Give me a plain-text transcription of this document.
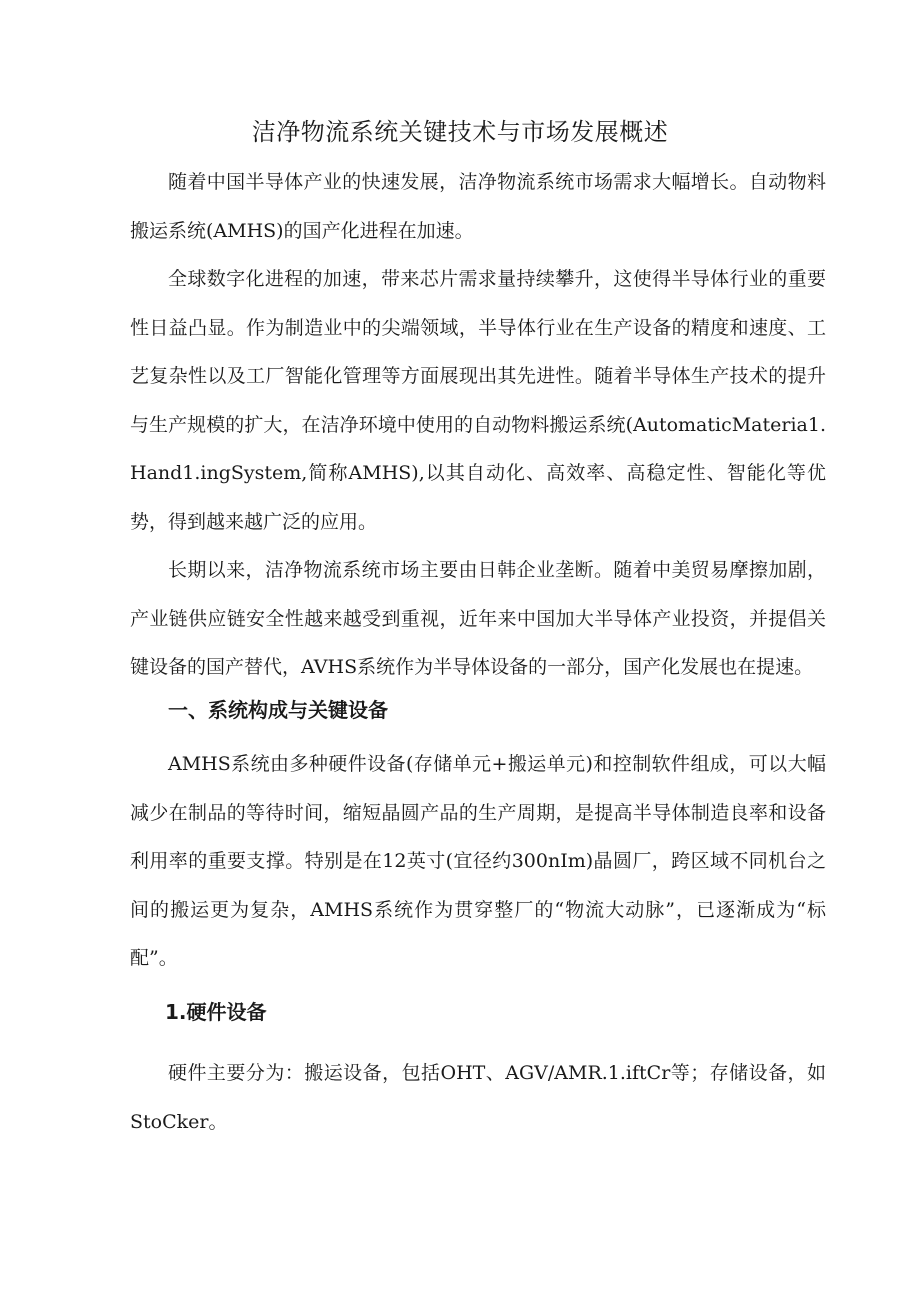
洁净物流系统关键技术与市场发展概述

随着中国半导体产业的快速发展，洁净物流系统市场需求大幅增长。自动物料搬运系统(AMHS)的国产化进程在加速。

全球数字化进程的加速，带来芯片需求量持续攀升，这使得半导体行业的重要性日益凸显。作为制造业中的尖端领域，半导体行业在生产设备的精度和速度、工艺复杂性以及工厂智能化管理等方面展现出其先进性。随着半导体生产技术的提升与生产规模的扩大，在洁净环境中使用的自动物料搬运系统(AutomaticMateria1.Hand1.ingSystem,简称AMHS),以其自动化、高效率、高稳定性、智能化等优势，得到越来越广泛的应用。

长期以来，洁净物流系统市场主要由日韩企业垄断。随着中美贸易摩擦加剧，产业链供应链安全性越来越受到重视，近年来中国加大半导体产业投资，并提倡关键设备的国产替代，AVHS系统作为半导体设备的一部分，国产化发展也在提速。

一、系统构成与关键设备

AMHS系统由多种硬件设备(存储单元+搬运单元)和控制软件组成，可以大幅减少在制品的等待时间，缩短晶圆产品的生产周期，是提高半导体制造良率和设备利用率的重要支撑。特别是在12英寸(宜径约300nIm)晶圆厂，跨区域不同机台之间的搬运更为复杂，AMHS系统作为贯穿整厂的“物流大动脉”，已逐渐成为“标配”。

1.硬件设备

硬件主要分为：搬运设备，包括OHT、AGV/AMR.1.iftCr等；存储设备，如StoCker。
